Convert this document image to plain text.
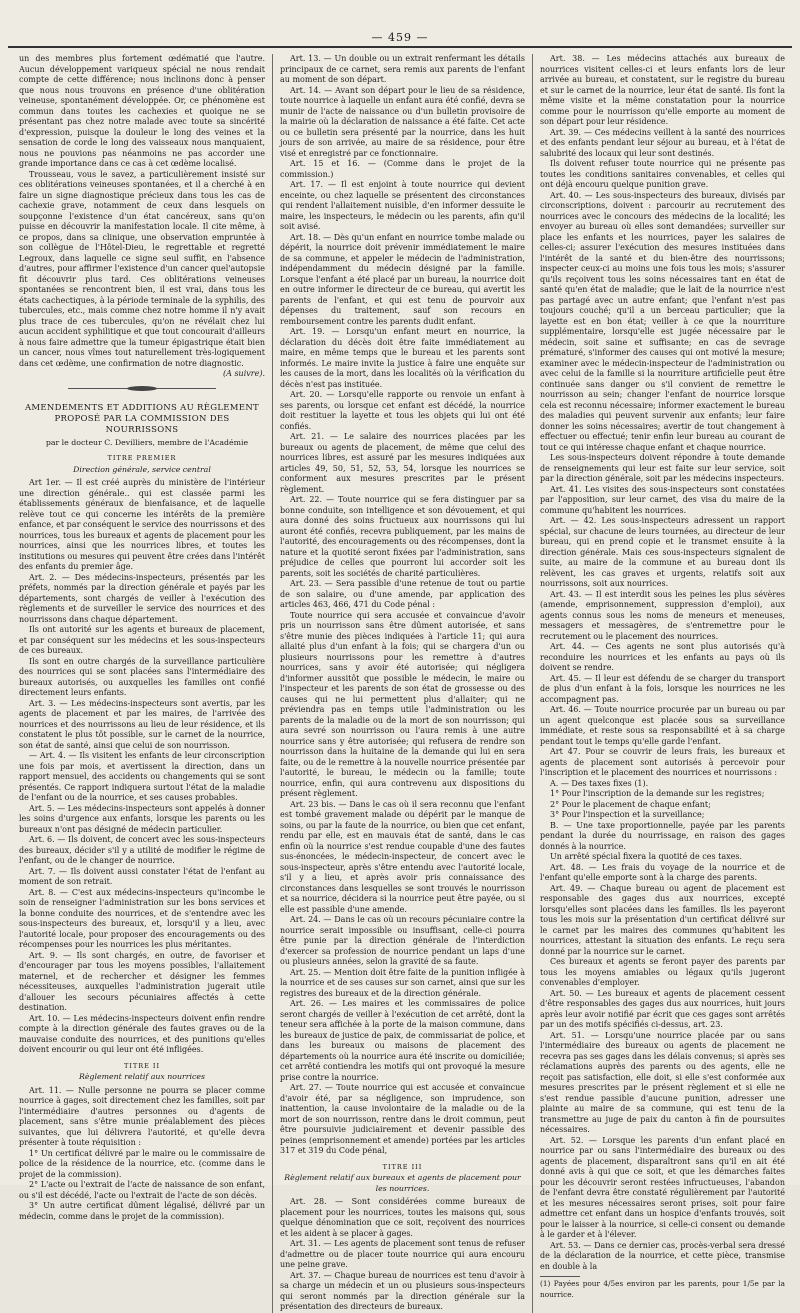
— 459 —

un des membres plus fortement œdématié que l'autre. Aucun développement variqueux spécial ne nous rendait compte de cette différence; nous inclinons donc à penser que nous nous trouvons en présence d'une oblitération veineuse, spontanément développée. Or, ce phénomène est commun dans toutes les cachexies et quoique ne se présentant pas chez notre malade avec toute sa sincérité d'expression, puisque la douleur le long des veines et la sensation de corde le long des vaisseaux nous manquaient, nous ne pouvions pas néanmoins ne pas accorder une grande importance dans ce cas à cet œdème localisé.

Trousseau, vous le savez, a particulièrement insisté sur ces oblitérations veineuses spontanées, et il a cherché à en faire un signe diagnostique précieux dans tous les cas de cachexie grave, notamment de ceux dans lesquels on soupçonne l'existence d'un état cancéreux, sans qu'on puisse en découvrir la manifestation locale. Il cite même, à ce propos, dans sa clinique, une observation empruntée à son collègue de l'Hôtel-Dieu, le regrettable et regretté Legroux, dans laquelle ce signe seul suffit, en l'absence d'autres, pour affirmer l'existence d'un cancer quel'autopsie fit découvrir plus tard. Ces oblitérations veineuses spontanées se rencontrent bien, il est vrai, dans tous les états cachectiques, à la période terminale de la syphilis, des tubercules, etc., mais comme chez notre homme il n'y avait plus trace de ces tubercules, qu'on ne révélait chez lui aucun accident syphilitique et que tout concourait d'ailleurs à nous faire admettre que la tumeur épigastrique était bien un cancer, nous vîmes tout naturellement très-logiquement dans cet œdème, une confirmation de notre diagnostic.

(A suivre).

AMENDEMENTS ET ADDITIONS AU RÈGLEMENT PROPOSÉ PAR LA COMMISSION DES NOURRISSONS

par le docteur C. Devilliers, membre de l'Académie

TITRE PREMIER
Direction générale, service central

Art 1er. — Il est créé auprès du ministère de l'intérieur une direction générale.. qui est classée parmi les établissements généraux de bienfaisance, et de laquelle relève tout ce qui concerne les intérêts de la première enfance, et par conséquent le service des nourrissons et des nourrices, tous les bureaux et agents de placement pour les nourrices, ainsi que les nourrices libres, et toutes les institutions ou mesures qui peuvent être crées dans l'intérêt des enfants du premier âge.

Art. 2. — Des médecins-inspecteurs, présentés par les préfets, nommés par la direction générale et payés par les départements, sont chargés de veiller à l'exécution des règlements et de surveiller le service des nourrices et des nourrissons dans chaque département.

Ils ont autorité sur les agents et bureaux de placement, et par conséquent sur les médecins et les sous-inspecteurs de ces bureaux.

Ils sont en outre chargés de la surveillance particulière des nourrices qui se sont placées sans l'intermédiaire des bureaux autorisés, ou auxquelles les familles ont confié directement leurs enfants.

Art. 3. — Les médecins-inspecteurs sont avertis, par les agents de placement et par les maires, de l'arrivée des nourrices et des nourrissons au lieu de leur résidence, et ils constatent le plus tôt possible, sur le carnet de la nourrice, son état de santé, ainsi que celui de son nourrisson.

— Art. 4. — Ils visitent les enfants de leur circonscription une fois par mois, et avertissent la direction, dans un rapport mensuel, des accidents ou changements qui se sont présentés. Ce rapport indiquera surtout l'état de la maladie de l'enfant ou de la nourrice, et ses causes probables.

Art. 5. — Les médecins-inspecteurs sont appelés à donner les soins d'urgence aux enfants, lorsque les parents ou les bureaux n'ont pas désigné de médecin particulier.

Art. 6. — Ils doivent, de concert avec les sous-inspecteurs des bureaux, décider s'il y a utilité de modifier le régime de l'enfant, ou de le changer de nourrice.

Art. 7. — Ils doivent aussi constater l'état de l'enfant au moment de son retrait.

Art. 8. — C'est aux médecins-inspecteurs qu'incombe le soin de renseigner l'administration sur les bons services et la bonne conduite des nourrices, et de s'entendre avec les sous-inspecteurs des bureaux, et, lorsqu'il y a lieu, avec l'autorité locale, pour proposer des encouragements ou des récompenses pour les nourrices les plus méritantes.

Art. 9. — Ils sont chargés, en outre, de favoriser et d'encourager par tous les moyens possibles, l'allaitement maternel, et de rechercher et désigner les femmes nécessiteuses, auxquelles l'administration jugerait utile d'allouer les secours pécuniaires affectés à cette destination.

Art. 10. — Les médecins-inspecteurs doivent enfin rendre compte à la direction générale des fautes graves ou de la mauvaise conduite des nourrices, et des punitions qu'elles doivent encourir ou qui leur ont été infligées.

TITRE II
Règlement relatif aux nourrices

Art. 11. — Nulle personne ne pourra se placer comme nourrice à gages, soit directement chez les familles, soit par l'intermédiaire d'autres personnes ou d'agents de placement, sans s'être munie préalablement des pièces suivantes, que lui délivrera l'autorité, et qu'elle devra présenter à toute réquisition :

1° Un certificat délivré par le maire ou le commissaire de police de la résidence de la nourrice, etc. (comme dans le projet de la commission).

2° L'acte ou l'extrait de l'acte de naissance de son enfant, ou s'il est décédé, l'acte ou l'extrait de l'acte de son décès.

3° Un autre certificat dûment légalisé, délivré par un médecin, comme dans le projet de la commission).

Art. 13. — Un double ou un extrait renfermant les détails principaux de ce carnet, sera remis aux parents de l'enfant au moment de son départ.

Art. 14. — Avant son départ pour le lieu de sa résidence, toute nourrice à laquelle un enfant aura été confié, devra se munir de l'acte de naissance ou d'un bulletin provisoire de la mairie où la déclaration de naissance a été faite. Cet acte ou ce bulletin sera présenté par la nourrice, dans les huit jours de son arrivée, au maire de sa résidence, pour être visé et enregistré par ce fonctionnaire.

Art. 15 et 16. — (Comme dans le projet de la commission.)

Art. 17. — Il est enjoint à toute nourrice qui devient enceinte, ou chez laquelle se présentent des circonstances qui rendent l'allaitement nuisible, d'en informer dessuite le maire, les inspecteurs, le médecin ou les parents, afin qu'il soit avisé.

Art. 18. — Dès qu'un enfant en nourrice tombe malade ou dépérit, la nourrice doit prévenir immédiatement le maire de sa commune, et appeler le médecin de l'administration, indépendamment du médecin désigné par la famille. Lorsque l'enfant a été placé par un bureau, la nourrice doit en outre informer le directeur de ce bureau, qui avertit les parents de l'enfant, et qui est tenu de pourvoir aux dépenses du traitement, sauf son recours en remboursement contre les parents dudit enfant.

Art. 19. — Lorsqu'un enfant meurt en nourrice, la déclaration du décès doit être faite immédiatement au maire, en même temps que le bureau et les parents sont informés. Le maire invite la justice à faire une enquête sur les causes de la mort, dans les localités où la vérification du décès n'est pas instituée.

Art. 20. — Lorsqu'elle rapporte ou renvoie un enfant à ses parents, ou lorsque cet enfant est décédé, la nourrice doit restituer la layette et tous les objets qui lui ont été confiés.

Art. 21. — Le salaire des nourrices placées par les bureaux ou agents de placement, de même que celui des nourrices libres, est assuré par les mesures indiquées aux articles 49, 50, 51, 52, 53, 54, lorsque les nourrices se conforment aux mesures prescrites par le présent règlement.

Art. 22. — Toute nourrice qui se fera distinguer par sa bonne conduite, son intelligence et son dévouement, et qui aura donné des soins fructueux aux nourrissons qui lui auront été confiés, recevra publiquement, par les mains de l'autorité, des encouragements ou des récompenses, dont la nature et la quotité seront fixées par l'administration, sans préjudice de celles que pourront lui accorder soit les parents, soit les sociétés de charité particulières.

Art. 23. — Sera passible d'une retenue de tout ou partie de son salaire, ou d'une amende, par application des articles 463, 466, 471 du Code pénal :

Toute nourrice qui sera accusée et convaincue d'avoir pris un nourrisson sans être dûment autorisée, et sans s'être munie des pièces indiquées à l'article 11; qui aura allaité plus d'un enfant à la fois; qui se chargera d'un ou plusieurs nourrissons pour les remettre à d'autres nourrices, sans y avoir été autorisée; qui négligera d'informer aussitôt que possible le médecin, le maire ou l'inspecteur et les parents de son état de grossesse ou des causes qui ne lui permettent plus d'allaiter; qui ne préviendra pas en temps utile l'administration ou les parents de la maladie ou de la mort de son nourrisson; qui aura sevré son nourrisson ou l'aura remis à une autre nourrice sans y être autorisée; qui refusera de rendre son nourrisson dans la huitaine de la demande qui lui en sera faite, ou de le remettre à la nouvelle nourrice présentée par l'autorité, le bureau, le médecin ou la famille; toute nourrice, enfin, qui aura contrevenu aux dispositions du présent règlement.

Art. 23 bis. — Dans le cas où il sera reconnu que l'enfant est tombé gravement malade ou dépérit par le manque de soins, ou par la faute de la nourrice, ou bien que cet enfant, rendu par elle, est en mauvais état de santé, dans le cas enfin où la nourrice s'est rendue coupable d'une des fautes sus-énoncées, le médecin-inspecteur, de concert avec le sous-inspecteur, après s'être entendu avec l'autorité locale, s'il y a lieu, et après avoir pris connaissance des circonstances dans lesquelles se sont trouvés le nourrisson et sa nourrice, décidera si la nourrice peut être payée, ou si elle est passible d'une amende.

Art. 24. — Dans le cas où un recours pécuniaire contre la nourrice serait impossible ou insuffisant, celle-ci pourra être punie par la direction générale de l'interdiction d'exercer sa profession de nourrice pendant un laps d'une ou plusieurs années, selon la gravité de sa faute.

Art. 25. — Mention doit être faite de la punition infligée à la nourrice et de ses causes sur son carnet, ainsi que sur les registres des bureaux et de la direction générale.

Art. 26. — Les maires et les commissaires de police seront chargés de veiller à l'exécution de cet arrêté, dont la teneur sera affichée à la porte de la maison commune, dans les bureaux de justice de paix, de commissariat de police, et dans les bureaux ou maisons de placement des départements où la nourrice aura été inscrite ou domiciliée; cet arrêté contiendra les motifs qui ont provoqué la mesure prise contre la nourrice.

Art. 27. — Toute nourrice qui est accusée et convaincue d'avoir été, par sa négligence, son imprudence, son inattention, la cause involontaire de la maladie ou de la mort de son nourrisson, rentre dans le droit commun, peut être poursuivie judiciairement et devenir passible des peines (emprisonnement et amende) portées par les articles 317 et 319 du Code pénal,

TITRE III
Règlement relatif aux bureaux et agents de placement pour les nourrices.

Art. 28. — Sont considérées comme bureaux de placement pour les nourrices, toutes les maisons qui, sous quelque dénomination que ce soit, reçoivent des nourrices et les aident à se placer à gages.

Art. 31. — Les agents de placement sont tenus de refuser d'admettre ou de placer toute nourrice qui aura encouru une peine grave.

Art. 37. — Chaque bureau de nourrices est tenu d'avoir à sa charge un médecin et un ou plusieurs sous-inspecteurs qui seront nommés par la direction générale sur la présentation des directeurs de bureaux.

Art. 38. — Les médecins attachés aux bureaux de nourrices visitent celles-ci et leurs enfants lors de leur arrivée au bureau, et constatent, sur le registre du bureau et sur le carnet de la nourrice, leur état de santé. Ils font la même visite et la même constatation pour la nourrice comme pour le nourrisson qu'elle emporte au moment de son départ pour leur résidence.

Art. 39. — Ces médecins veillent à la santé des nourrices et des enfants pendant leur séjour au bureau, et à l'état de salubrité des locaux qui leur sont destinés.

Ils doivent refuser toute nourrice qui ne présente pas toutes les conditions sanitaires convenables, et celles qui ont déjà encouru quelque punition grave.

Art. 40. — Les sous-inspecteurs des bureaux, divisés par circonscriptions, doivent : parcourir au recrutement des nourrices avec le concours des médecins de la localité; les envoyer au bureau où elles sont demandées; surveiller sur place les enfants et les nourrices, payer les salaires de celles-ci; assurer l'exécution des mesures instituées dans l'intérêt de la santé et du bien-être des nourrissons; inspecter ceux-ci au moins une fois tous les mois; s'assurer qu'ils reçoivent tous les soins nécessaires tant en état de santé qu'en état de maladie; que le lait de la nourrice n'est pas partagé avec un autre enfant; que l'enfant n'est pas toujours couché; qu'il a un berceau particulier; que la layette est en bon état; veiller à ce que la nourriture supplémentaire, lorsqu'elle est jugée nécessaire par le médecin, soit saine et suffisante; en cas de sevrage prématuré, s'informer des causes qui ont motivé la mesure; examiner avec le médecin-inspecteur de l'administration ou avec celui de la famille si la nourriture artificielle peut être continuée sans danger ou s'il convient de remettre le nourrisson au sein; changer l'enfant de nourrice lorsque cela est reconnu nécessaire; informer exactement le bureau des maladies qui peuvent survenir aux enfants; leur faire donner les soins nécessaires; avertir de tout changement à effectuer ou effectué; tenir enfin leur bureau au courant de tout ce qui intéresse chaque enfant et chaque nourrice.

Les sous-inspecteurs doivent répondre à toute demande de renseignements qui leur est faite sur leur service, soit par la direction générale, soit par les médecins inspecteurs.

Art. 41. Les visites des sous-inspecteurs sont constatées par l'apposition, sur leur carnet, des visa du maire de la commune qu'habitent les nourrices.

Art. — 42. Les sous-inspecteurs adressent un rapport spécial, sur chacune de leurs tournées, au directeur de leur bureau, qui en prend copie et le transmet ensuite à la direction générale. Mais ces sous-inspecteurs signalent de suite, au maire de la commune et au bureau dont ils relèvent, les cas graves et urgents, relatifs soit aux nourrissons, soit aux nourrices.

Art. 43. — Il est interdit sous les peines les plus sévères (amende, emprisonnement, suppression d'emploi), aux agents connus sous les noms de meneurs et meneuses, messagers et messagères, de s'entremettre pour le recrutement ou le placement des nourrices.

Art. 44. — Ces agents ne sont plus autorisés qu'à reconduire les nourrices et les enfants au pays où ils doivent se rendre.

Art. 45. — Il leur est défendu de se charger du transport de plus d'un enfant à la fois, lorsque les nourrices ne les accompagnent pas.

Art. 46. — Toute nourrice procurée par un bureau ou par un agent quelconque est placée sous sa surveillance immédiate, et reste sous sa responsabilité et à sa charge pendant tout le temps qu'elle garde l'enfant.

Art 47. Pour se couvrir de leurs frais, les bureaux et agents de placement sont autorisés à percevoir pour l'inscription et le placement des nourrices et nourrissons :

A. — Des taxes fixes (1).

1° Pour l'inscription de la demande sur les registres;

2° Pour le placement de chaque enfant;

3° Pour l'inspection et la surveillance;

B. — Une taxe proportionnelle, payée par les parents pendant la durée du nourrissage, en raison des gages donnés à la nourrice.

Un arrêté spécial fixera la quotité de ces taxes.

Art. 48. — Les frais du voyage de la nourrice et de l'enfant qu'elle emporte sont à la charge des parents.

Art. 49. — Chaque bureau ou agent de placement est responsable des gages dus aux nourrices, excepté lorsqu'elles sont placées dans les familles. Ils les payeront tous les mois sur la présentation d'un certificat délivré sur le carnet par les maires des communes qu'habitent les nourrices, attestant la situation des enfants. Le reçu sera donné par la nourrice sur le carnet.

Ces bureaux et agents se feront payer des parents par tous les moyens amiables ou légaux qu'ils jugeront convenables d'employer.

Art. 50. — Les bureaux et agents de placement cessent d'être responsables des gages dus aux nourrices, huit jours après leur avoir notifié par écrit que ces gages sont arrêtés par un des motifs spécifiés ci-dessus, art. 23.

Art. 51. — Lorsqu'une nourrice placée par ou sans l'intermédiaire des bureaux ou agents de placement ne recevra pas ses gages dans les délais convenus; si après ses réclamations auprès des parents ou des agents, elle ne reçoit pas satisfaction, elle doit, si elle s'est conformée aux mesures prescrites par le présent règlement et si elle ne s'est rendue passible d'aucune punition, adresser une plainte au maire de sa commune, qui est tenu de la transmettre au juge de paix du canton à fin de poursuites nécessaires.

Art. 52. — Lorsque les parents d'un enfant placé en nourrice par ou sans l'intermédiaire des bureaux ou des agents de placement, disparaîtront sans qu'il en ait été donné avis à qui que ce soit, et que les démarches faites pour les découvrir seront restées infructueuses, l'abandon de l'enfant devra être constaté régulièrement par l'autorité et les mesures nécessaires seront prises, soit pour faire admettre cet enfant dans un hospice d'enfants trouvés, soit pour le laisser à la nourrice, si celle-ci consent ou demande à le garder et à l'élever.

Art. 53. — Dans ce dernier cas, procès-verbal sera dressé de la déclaration de la nourrice, et cette pièce, transmise en double à la

(1) Payées pour 4/5es environ par les parents, pour 1/5e par la nourrice.
